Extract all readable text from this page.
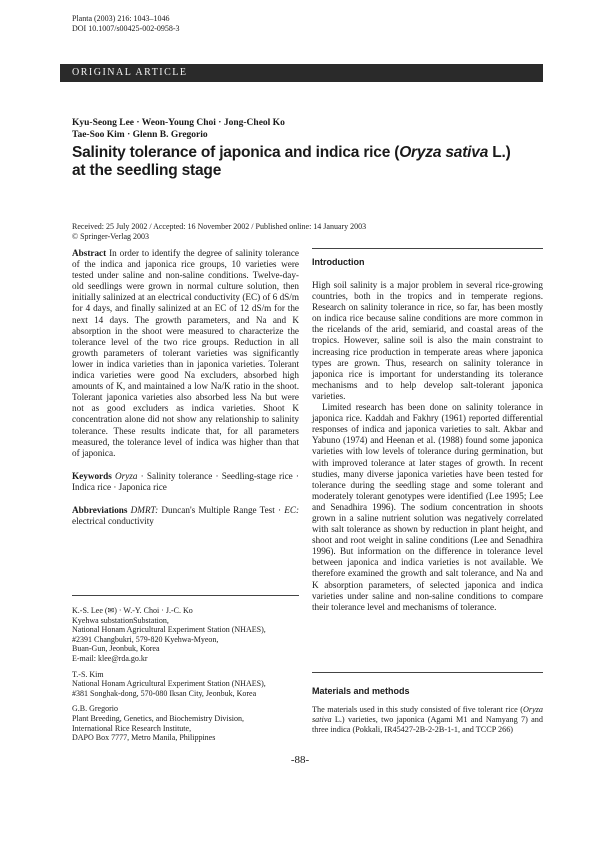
Planta (2003) 216: 1043–1046
DOI 10.1007/s00425-002-0958-3
ORIGINAL ARTICLE
Kyu-Seong Lee · Weon-Young Choi · Jong-Cheol Ko
Tae-Soo Kim · Glenn B. Gregorio
Salinity tolerance of japonica and indica rice (Oryza sativa L.)
at the seedling stage
Received: 25 July 2002 / Accepted: 16 November 2002 / Published online: 14 January 2003
© Springer-Verlag 2003

Abstract In order to identify the degree of salinity tolerance of the indica and japonica rice groups, 10 varieties were tested under saline and non-saline conditions. Twelve-day-old seedlings were grown in normal culture solution, then initially salinized at an electrical conductivity (EC) of 6 dS/m for 4 days, and finally salinized at an EC of 12 dS/m for the next 14 days. The growth parameters, and Na and K absorption in the shoot were measured to characterize the tolerance level of the two rice groups. Reduction in all growth parameters of tolerant varieties was significantly lower in indica varieties than in japonica varieties. Tolerant indica varieties were good Na excluders, absorbed high amounts of K, and maintained a low Na/K ratio in the shoot. Tolerant japonica varieties also absorbed less Na but were not as good excluders as indica varieties. Shoot K concentration alone did not show any relationship to salinity tolerance. These results indicate that, for all parameters measured, the tolerance level of indica was higher than that of japonica.

Keywords Oryza · Salinity tolerance · Seedling-stage rice · Indica rice · Japonica rice

Abbreviations DMRT: Duncan's Multiple Range Test · EC: electrical conductivity

K.-S. Lee (✉) · W.-Y. Choi · J.-C. Ko
Kyehwa substationSubstation,
National Honam Agricultural Experiment Station (NHAES),
#2391 Changbukri, 579-820 Kyehwa-Myeon,
Buan-Gun, Jeonbuk, Korea
E-mail: klee@rda.go.kr

T.-S. Kim
National Honam Agricultural Experiment Station (NHAES),
#381 Songhak-dong, 570-080 Iksan City, Jeonbuk, Korea

G.B. Gregorio
Plant Breeding, Genetics, and Biochemistry Division,
International Rice Research Institute,
DAPO Box 7777, Metro Manila, Philippines

Introduction

High soil salinity is a major problem in several rice-growing countries, both in the tropics and in temperate regions. Research on salinity tolerance in rice, so far, has been mostly on indica rice because saline conditions are more common in the ricelands of the arid, semiarid, and coastal areas of the tropics. However, saline soil is also the main constraint to increasing rice production in temperate areas where japonica types are grown. Thus, research on salinity tolerance in japonica rice is important for understanding its tolerance mechanisms and to help develop salt-tolerant japonica varieties.

Limited research has been done on salinity tolerance in japonica rice. Kaddah and Fakhry (1961) reported differential responses of indica and japonica varieties to salt. Akbar and Yabuno (1974) and Heenan et al. (1988) found some japonica varieties with low levels of tolerance during germination, but with improved tolerance at later stages of growth. In recent studies, many diverse japonica varieties have been tested for tolerance during the seedling stage and some tolerant and moderately tolerant genotypes were identified (Lee 1995; Lee and Senadhira 1996). The sodium concentration in shoots grown in a saline nutrient solution was negatively correlated with salt tolerance as shown by reduction in plant height, and shoot and root weight in saline conditions (Lee and Senadhira 1996). But information on the difference in tolerance level between japonica and indica varieties is not available. We therefore examined the growth and salt tolerance, and Na and K absorption parameters, of selected japonica and indica varieties under saline and non-saline conditions to compare their tolerance level and mechanisms of tolerance.

Materials and methods
The materials used in this study consisted of five tolerant rice (Oryza sativa L.) varieties, two japonica (Agami M1 and Namyang 7) and three indica (Pokkali, IR45427-2B-2-2B-1-1, and TCCP 266)
-88-
